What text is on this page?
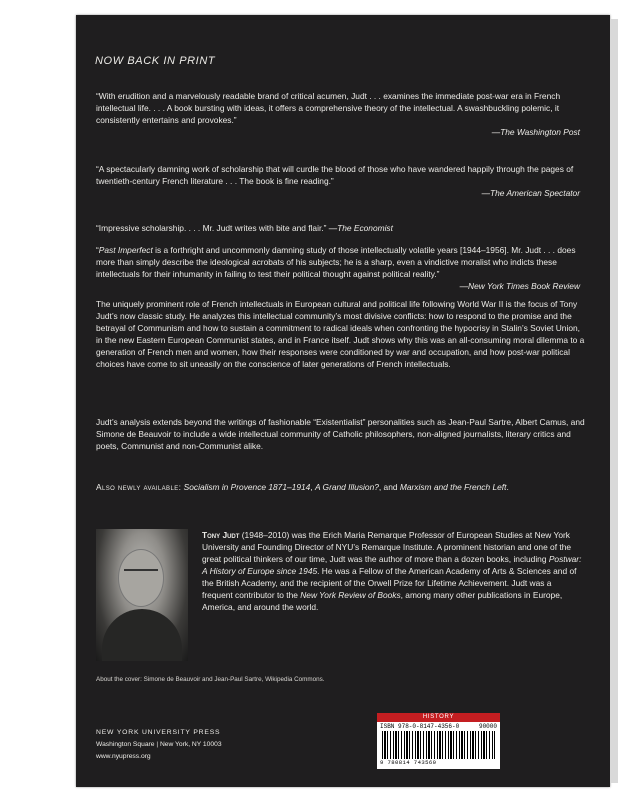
NOW BACK IN PRINT
“With erudition and a marvelously readable brand of critical acumen, Judt . . . examines the immediate post-war era in French intellectual life. . . . A book bursting with ideas, it offers a comprehensive theory of the intellectual. A swashbuckling polemic, it consistently entertains and provokes.”
—The Washington Post
“A spectacularly damning work of scholarship that will curdle the blood of those who have wandered happily through the pages of twentieth-century French literature . . . The book is fine reading.”
—The American Spectator
“Impressive scholarship. . . . Mr. Judt writes with bite and flair.” —The Economist
“Past Imperfect is a forthright and uncommonly damning study of those intellectually volatile years [1944–1956]. Mr. Judt . . . does more than simply describe the ideological acrobats of his subjects; he is a sharp, even a vindictive moralist who indicts these intellectuals for their inhumanity in failing to test their political thought against political reality.”
—New York Times Book Review
The uniquely prominent role of French intellectuals in European cultural and political life following World War II is the focus of Tony Judt’s now classic study. He analyzes this intellectual community’s most divisive conflicts: how to respond to the promise and the betrayal of Communism and how to sustain a commitment to radical ideals when confronting the hypocrisy in Stalin’s Soviet Union, in the new Eastern European Communist states, and in France itself. Judt shows why this was an all-consuming moral dilemma to a generation of French men and women, how their responses were conditioned by war and occupation, and how post-war political choices have come to sit uneasily on the conscience of later generations of French intellectuals.
Judt’s analysis extends beyond the writings of fashionable “Existentialist” personalities such as Jean-Paul Sartre, Albert Camus, and Simone de Beauvoir to include a wide intellectual community of Catholic philosophers, non-aligned journalists, literary critics and poets, Communist and non-Communist alike.
Also newly available: Socialism in Provence 1871–1914, A Grand Illusion?, and Marxism and the French Left.
Tony Judt (1948–2010) was the Erich Maria Remarque Professor of European Studies at New York University and Founding Director of NYU’s Remarque Institute. A prominent historian and one of the great political thinkers of our time, Judt was the author of more than a dozen books, including Postwar: A History of Europe since 1945. He was a Fellow of the American Academy of Arts & Sciences and of the British Academy, and the recipient of the Orwell Prize for Lifetime Achievement. Judt was a frequent contributor to the New York Review of Books, among many other publications in Europe, America, and around the world.
About the cover: Simone de Beauvoir and Jean-Paul Sartre, Wikipedia Commons.
NEW YORK UNIVERSITY PRESS
Washington Square | New York, NY 10003
www.nyupress.org
HISTORY
ISBN 978-0-8147-4356-0	90000
9 780814 743560
